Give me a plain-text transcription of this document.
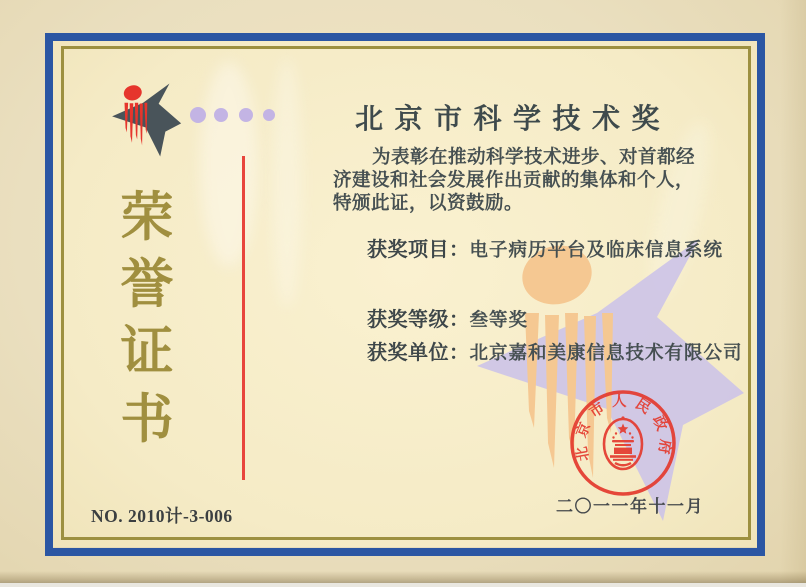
荣
誉
证
书
北京市科学技术奖
为表彰在推动科学技术进步、对首都经
济建设和社会发展作出贡献的集体和个人，
特颁此证，以资鼓励。
获奖项目：电子病历平台及临床信息系统
获奖等级：叁等奖
获奖单位：北京嘉和美康信息技术有限公司
NO. 2010计-3-006
北京市人民政府
二〇一一年十一月
